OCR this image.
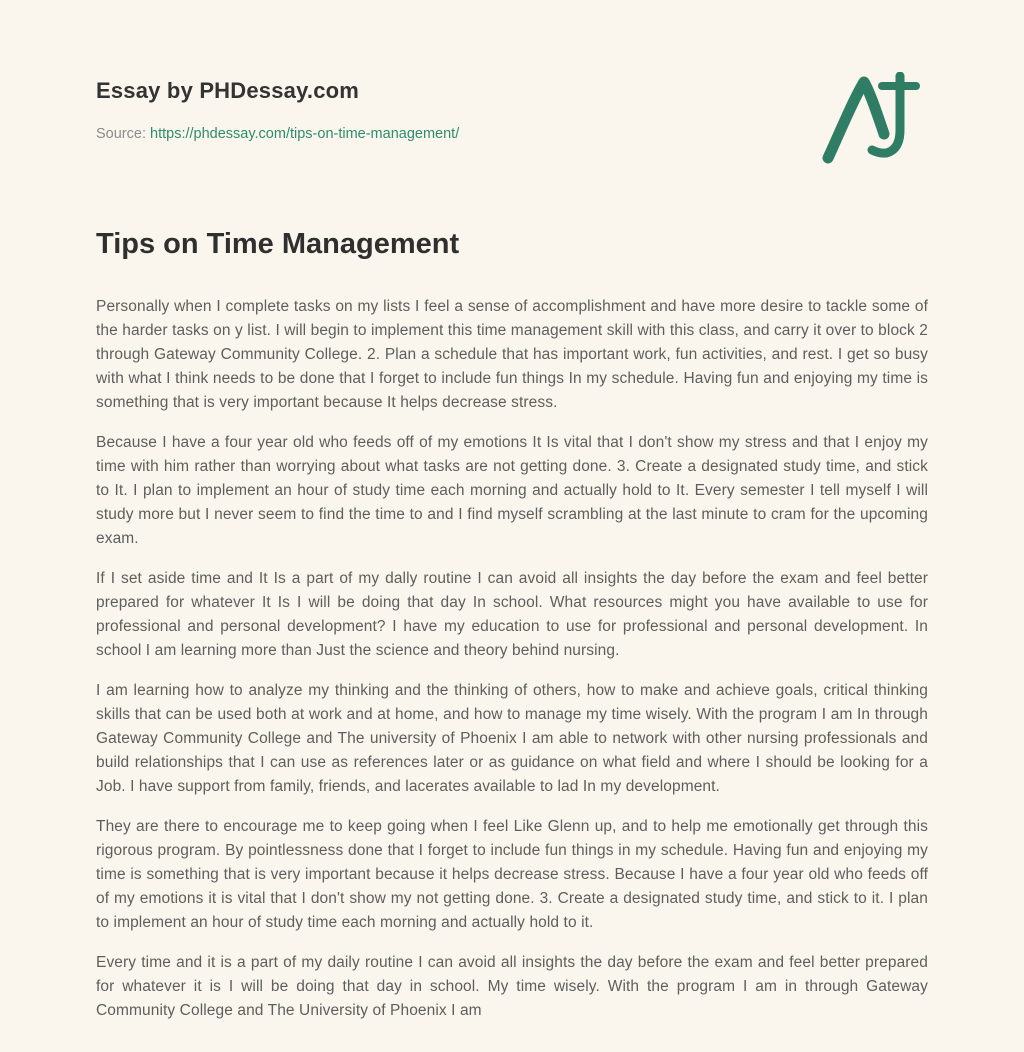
Essay by PHDessay.com
Source: https://phdessay.com/tips-on-time-management/
Tips on Time Management

Personally when I complete tasks on my lists I feel a sense of accomplishment and have more desire to tackle some of the harder tasks on y list. I will begin to implement this time management skill with this class, and carry it over to block 2 through Gateway Community College. 2. Plan a schedule that has important work, fun activities, and rest. I get so busy with what I think needs to be done that I forget to include fun things In my schedule. Having fun and enjoying my time is something that is very important because It helps decrease stress.

Because I have a four year old who feeds off of my emotions It Is vital that I don't show my stress and that I enjoy my time with him rather than worrying about what tasks are not getting done. 3. Create a designated study time, and stick to It. I plan to implement an hour of study time each morning and actually hold to It. Every semester I tell myself I will study more but I never seem to find the time to and I find myself scrambling at the last minute to cram for the upcoming exam.

If I set aside time and It Is a part of my dally routine I can avoid all insights the day before the exam and feel better prepared for whatever It Is I will be doing that day In school. What resources might you have available to use for professional and personal development? I have my education to use for professional and personal development. In school I am learning more than Just the science and theory behind nursing.

I am learning how to analyze my thinking and the thinking of others, how to make and achieve goals, critical thinking skills that can be used both at work and at home, and how to manage my time wisely. With the program I am In through Gateway Community College and The university of Phoenix I am able to network with other nursing professionals and build relationships that I can use as references later or as guidance on what field and where I should be looking for a Job. I have support from family, friends, and lacerates available to lad In my development.

They are there to encourage me to keep going when I feel Like Glenn up, and to help me emotionally get through this rigorous program. By pointlessness done that I forget to include fun things in my schedule. Having fun and enjoying my time is something that is very important because it helps decrease stress. Because I have a four year old who feeds off of my emotions it is vital that I don't show my not getting done. 3. Create a designated study time, and stick to it. I plan to implement an hour of study time each morning and actually hold to it.

Every time and it is a part of my daily routine I can avoid all insights the day before the exam and feel better prepared for whatever it is I will be doing that day in school. My time wisely. With the program I am in through Gateway Community College and The University of Phoenix I am
